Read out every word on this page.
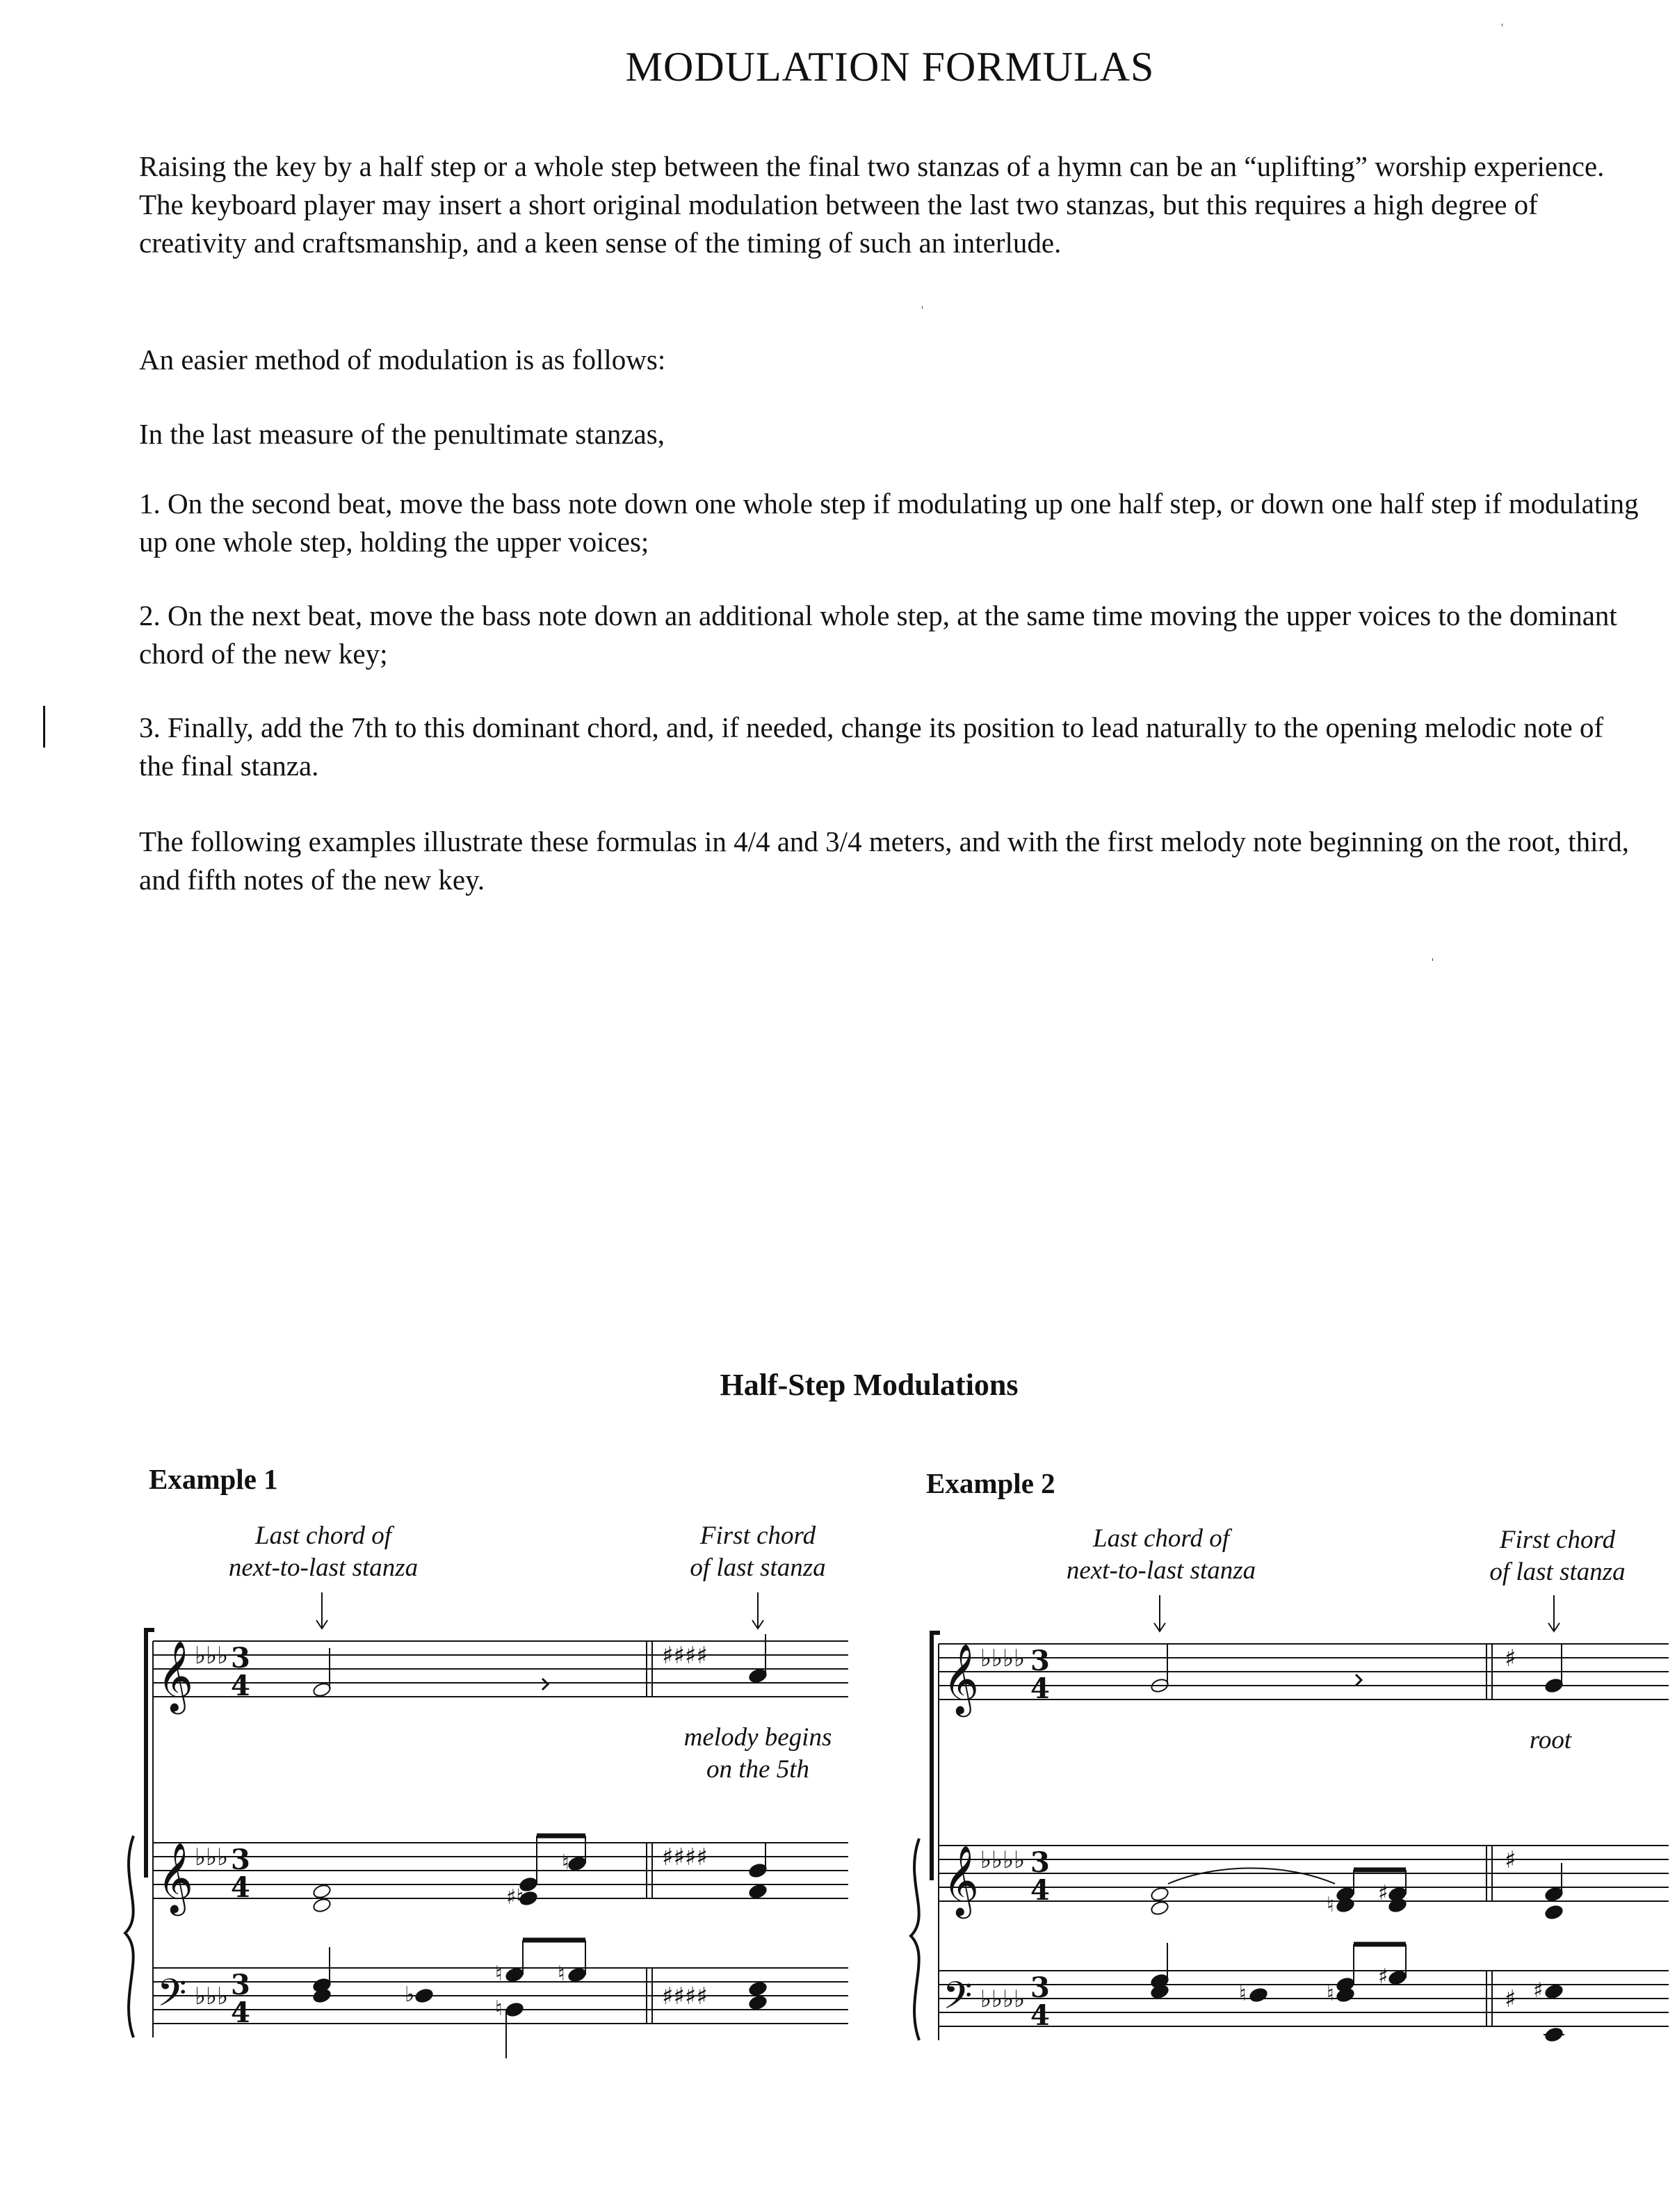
MODULATION FORMULAS

Raising the key by a half step or a whole step between the final two stanzas of a hymn can be an “uplifting” worship experience. The keyboard player may insert a short original modulation between the last two stanzas, but this requires a high degree of creativity and craftsmanship, and a keen sense of the timing of such an interlude.

An easier method of modulation is as follows:

In the last measure of the penultimate stanzas,

1. On the second beat, move the bass note down one whole step if modulating up one half step, or down one half step if modulating up one whole step, holding the upper voices;

2. On the next beat, move the bass note down an additional whole step, at the same time moving the upper voices to the dominant chord of the new key;

3. Finally, add the 7th to this dominant chord, and, if needed, change its position to lead naturally to the opening melodic note of the final stanza.

The following examples illustrate these formulas in 4/4 and 3/4 meters, and with the first melody note beginning on the root, third, and fifth notes of the new key.

Half-Step Modulations
Example 1
Last chord of
next-to-last stanza
First chord
of last stanza
melody begins
on the 5th
𝄞
𝄞
𝄢
♭♭♭
♭♭♭
♭♭♭
3
4
3
4
3
4
♯♯♯♯
♯♯♯♯
♯♯♯♯
♯♮
♮
♭
♮
♮	♮
Example 2
Last chord of
next-to-last stanza
First chord
of last stanza
root
𝄞
𝄞
𝄢
♭♭♭♭
♭♭♭♭
♭♭♭♭
3
4
3
4
3
4
♯
♯
♯
♮ ♯
♮	♮
♯
♯
